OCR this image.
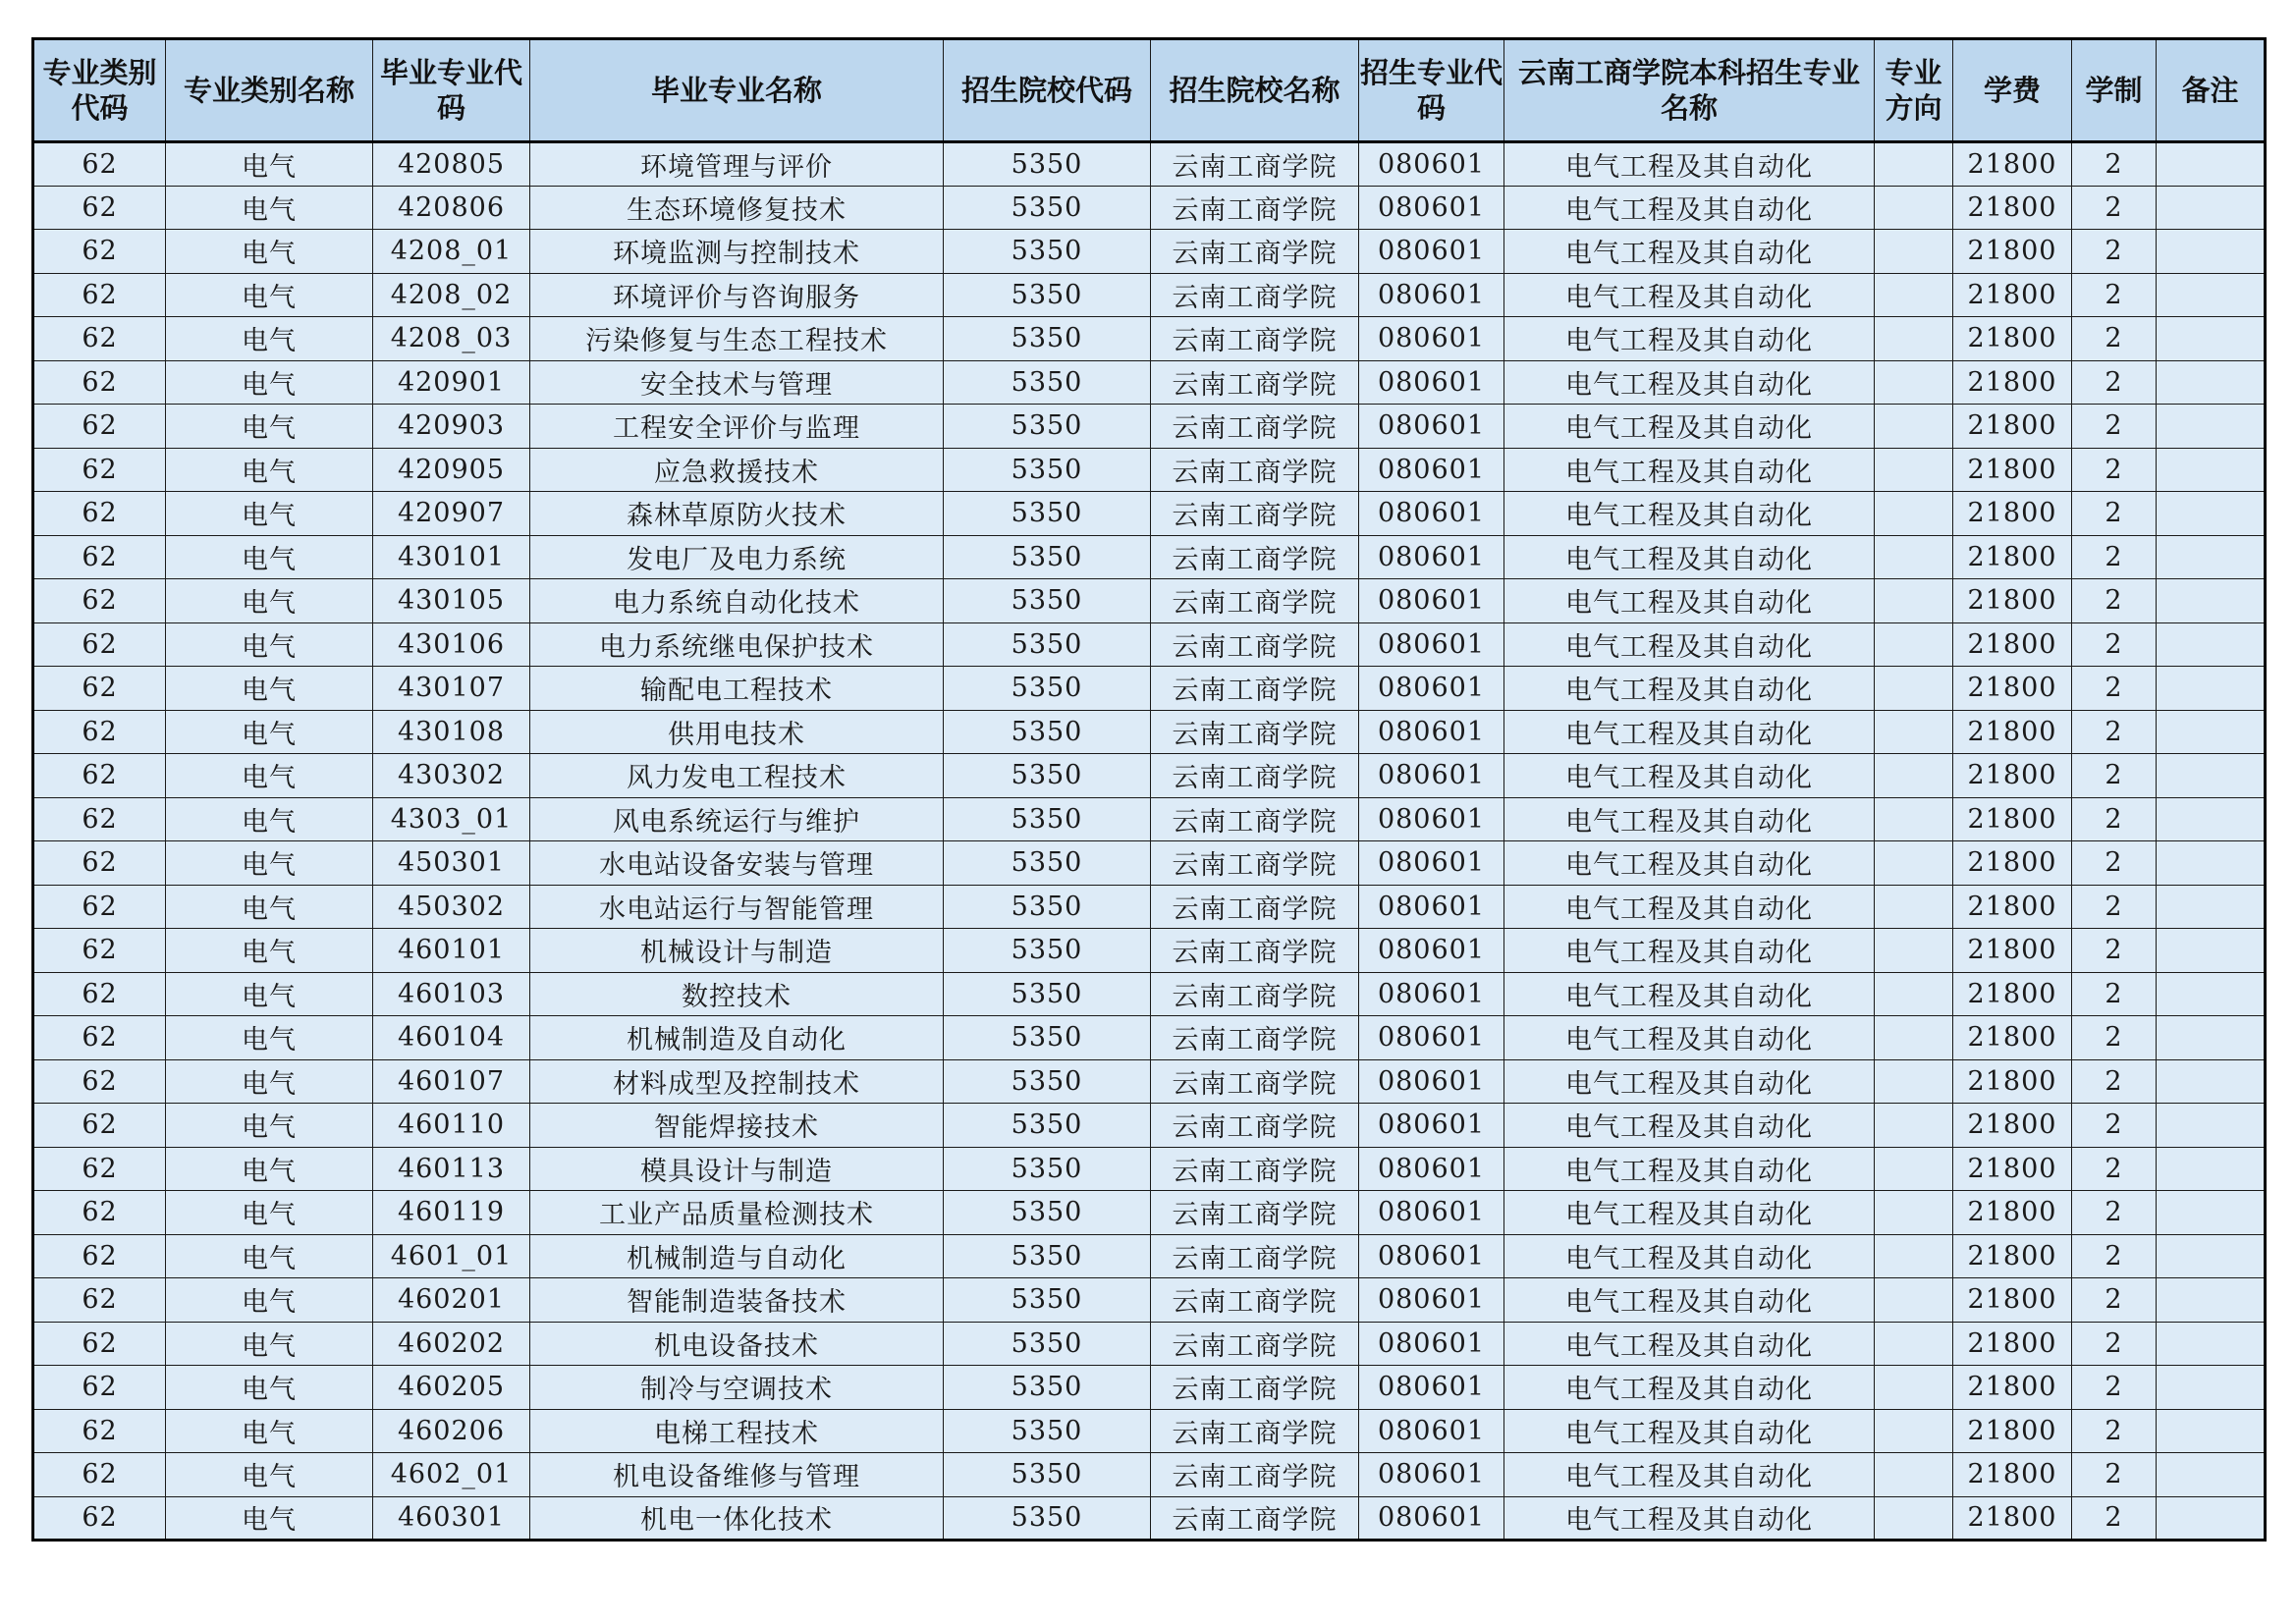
专业类别代码	专业类别名称	毕业专业代码	毕业专业名称	招生院校代码	招生院校名称	招生专业代码	云南工商学院本科招生专业名称	专业方向	学费	学制	备注

62	电气	420805	环境管理与评价	5350	云南工商学院	080601	电气工程及其自动化		21800	2	
62	电气	420806	生态环境修复技术	5350	云南工商学院	080601	电气工程及其自动化		21800	2	
62	电气	4208_01	环境监测与控制技术	5350	云南工商学院	080601	电气工程及其自动化		21800	2	
62	电气	4208_02	环境评价与咨询服务	5350	云南工商学院	080601	电气工程及其自动化		21800	2	
62	电气	4208_03	污染修复与生态工程技术	5350	云南工商学院	080601	电气工程及其自动化		21800	2	
62	电气	420901	安全技术与管理	5350	云南工商学院	080601	电气工程及其自动化		21800	2	
62	电气	420903	工程安全评价与监理	5350	云南工商学院	080601	电气工程及其自动化		21800	2	
62	电气	420905	应急救援技术	5350	云南工商学院	080601	电气工程及其自动化		21800	2	
62	电气	420907	森林草原防火技术	5350	云南工商学院	080601	电气工程及其自动化		21800	2	
62	电气	430101	发电厂及电力系统	5350	云南工商学院	080601	电气工程及其自动化		21800	2	
62	电气	430105	电力系统自动化技术	5350	云南工商学院	080601	电气工程及其自动化		21800	2	
62	电气	430106	电力系统继电保护技术	5350	云南工商学院	080601	电气工程及其自动化		21800	2	
62	电气	430107	输配电工程技术	5350	云南工商学院	080601	电气工程及其自动化		21800	2	
62	电气	430108	供用电技术	5350	云南工商学院	080601	电气工程及其自动化		21800	2	
62	电气	430302	风力发电工程技术	5350	云南工商学院	080601	电气工程及其自动化		21800	2	
62	电气	4303_01	风电系统运行与维护	5350	云南工商学院	080601	电气工程及其自动化		21800	2	
62	电气	450301	水电站设备安装与管理	5350	云南工商学院	080601	电气工程及其自动化		21800	2	
62	电气	450302	水电站运行与智能管理	5350	云南工商学院	080601	电气工程及其自动化		21800	2	
62	电气	460101	机械设计与制造	5350	云南工商学院	080601	电气工程及其自动化		21800	2	
62	电气	460103	数控技术	5350	云南工商学院	080601	电气工程及其自动化		21800	2	
62	电气	460104	机械制造及自动化	5350	云南工商学院	080601	电气工程及其自动化		21800	2	
62	电气	460107	材料成型及控制技术	5350	云南工商学院	080601	电气工程及其自动化		21800	2	
62	电气	460110	智能焊接技术	5350	云南工商学院	080601	电气工程及其自动化		21800	2	
62	电气	460113	模具设计与制造	5350	云南工商学院	080601	电气工程及其自动化		21800	2	
62	电气	460119	工业产品质量检测技术	5350	云南工商学院	080601	电气工程及其自动化		21800	2	
62	电气	4601_01	机械制造与自动化	5350	云南工商学院	080601	电气工程及其自动化		21800	2	
62	电气	460201	智能制造装备技术	5350	云南工商学院	080601	电气工程及其自动化		21800	2	
62	电气	460202	机电设备技术	5350	云南工商学院	080601	电气工程及其自动化		21800	2	
62	电气	460205	制冷与空调技术	5350	云南工商学院	080601	电气工程及其自动化		21800	2	
62	电气	460206	电梯工程技术	5350	云南工商学院	080601	电气工程及其自动化		21800	2	
62	电气	4602_01	机电设备维修与管理	5350	云南工商学院	080601	电气工程及其自动化		21800	2	
62	电气	460301	机电一体化技术	5350	云南工商学院	080601	电气工程及其自动化		21800	2	
